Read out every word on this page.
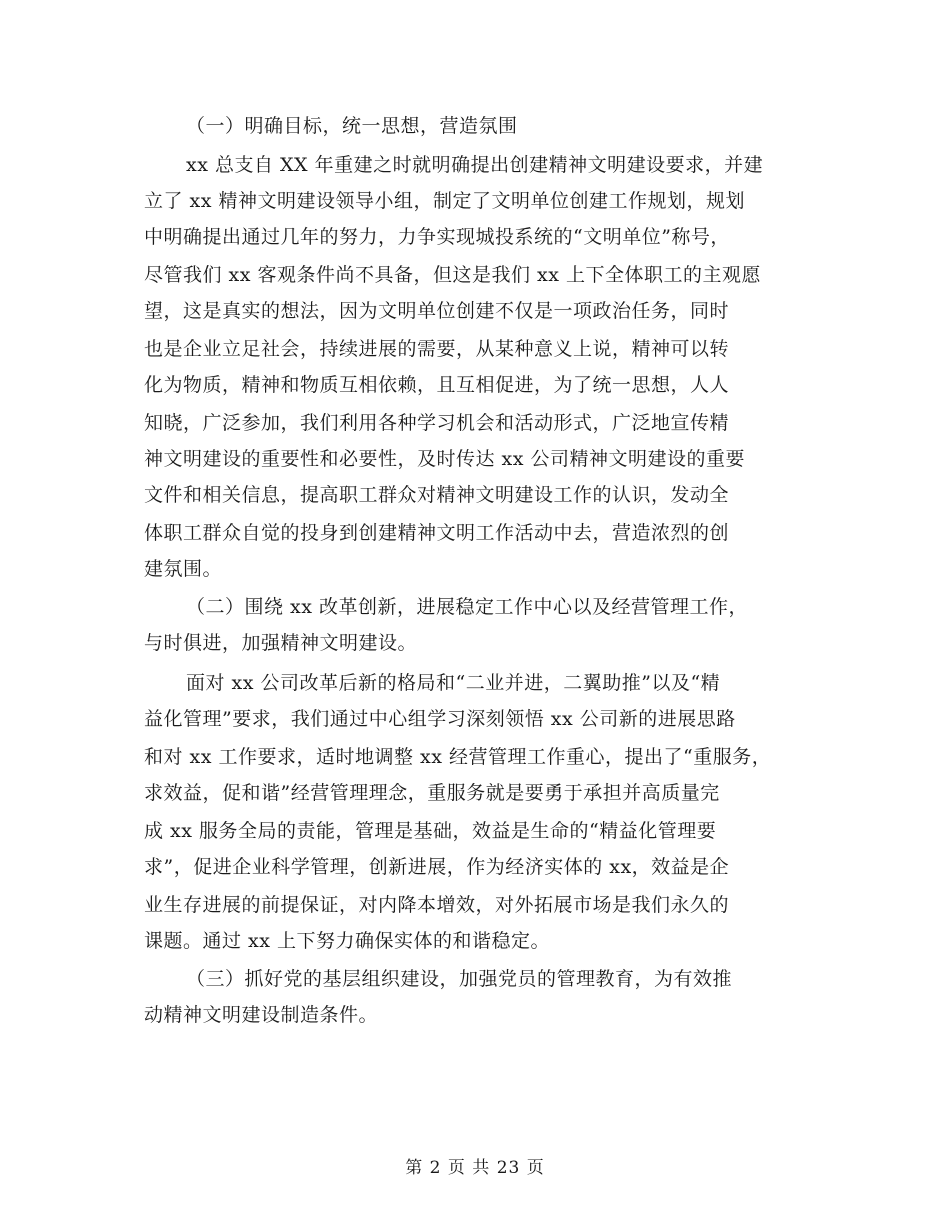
（一）明确目标，统一思想，营造氛围
xx 总支自 XX 年重建之时就明确提出创建精神文明建设要求，并建
立了 xx 精神文明建设领导小组，制定了文明单位创建工作规划，规划
中明确提出通过几年的努力，力争实现城投系统的“文明单位”称号，
尽管我们 xx 客观条件尚不具备，但这是我们 xx 上下全体职工的主观愿
望，这是真实的想法，因为文明单位创建不仅是一项政治任务，同时
也是企业立足社会，持续进展的需要，从某种意义上说，精神可以转
化为物质，精神和物质互相依赖，且互相促进，为了统一思想，人人
知晓，广泛参加，我们利用各种学习机会和活动形式，广泛地宣传精
神文明建设的重要性和必要性，及时传达 xx 公司精神文明建设的重要
文件和相关信息，提高职工群众对精神文明建设工作的认识，发动全
体职工群众自觉的投身到创建精神文明工作活动中去，营造浓烈的创
建氛围。
（二）围绕 xx 改革创新，进展稳定工作中心以及经营管理工作，
与时俱进，加强精神文明建设。
面对 xx 公司改革后新的格局和“二业并进，二翼助推”以及“精
益化管理”要求，我们通过中心组学习深刻领悟 xx 公司新的进展思路
和对 xx 工作要求，适时地调整 xx 经营管理工作重心，提出了“重服务，
求效益，促和谐”经营管理理念，重服务就是要勇于承担并高质量完
成 xx 服务全局的责能，管理是基础，效益是生命的“精益化管理要
求”，促进企业科学管理，创新进展，作为经济实体的 xx，效益是企
业生存进展的前提保证，对内降本增效，对外拓展市场是我们永久的
课题。通过 xx 上下努力确保实体的和谐稳定。
（三）抓好党的基层组织建设，加强党员的管理教育，为有效推
动精神文明建设制造条件。
第 2 页 共 23 页
